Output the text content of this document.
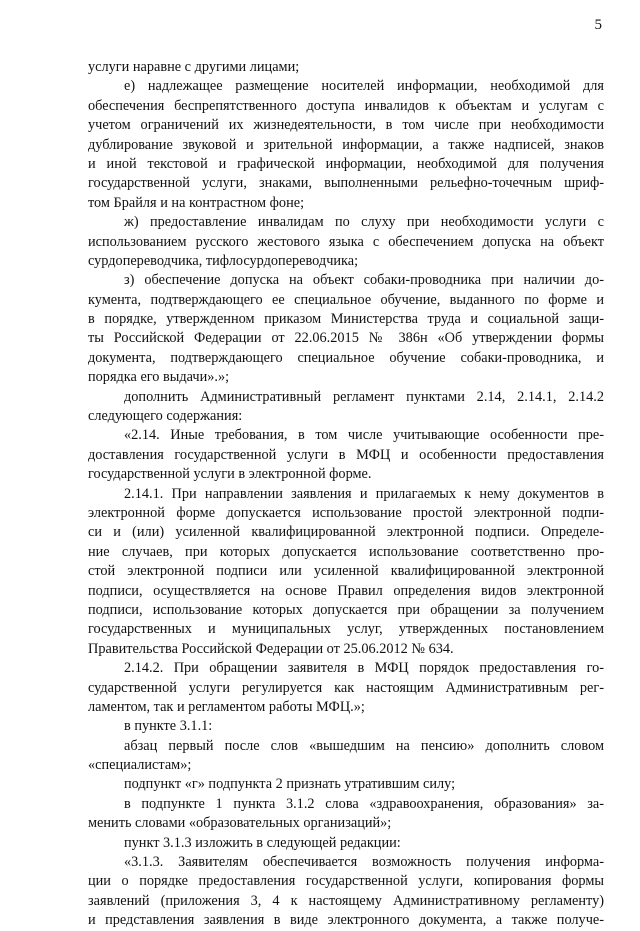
5
услуги наравне с другими лицами;
е) надлежащее размещение носителей информации, необходимой для
обеспечения беспрепятственного доступа инвалидов к объектам и услугам с
учетом ограничений их жизнедеятельности, в том числе при необходимости
дублирование звуковой и зрительной информации, а также надписей, знаков
и иной текстовой и графической информации, необходимой для получения
государственной услуги, знаками, выполненными рельефно-точечным шриф-
том Брайля и на контрастном фоне;
ж) предоставление инвалидам по слуху при необходимости услуги с
использованием русского жестового языка с обеспечением допуска на объект
сурдопереводчика, тифлосурдопереводчика;
з) обеспечение допуска на объект собаки-проводника при наличии до-
кумента, подтверждающего ее специальное обучение, выданного по форме и
в порядке, утвержденном приказом Министерства труда и социальной защи-
ты Российской Федерации от 22.06.2015 № 386н «Об утверждении формы
документа, подтверждающего специальное обучение собаки-проводника, и
порядка его выдачи».»;
дополнить Административный регламент пунктами 2.14, 2.14.1, 2.14.2
следующего содержания:
«2.14. Иные требования, в том числе учитывающие особенности пре-
доставления государственной услуги в МФЦ и особенности предоставления
государственной услуги в электронной форме.
2.14.1. При направлении заявления и прилагаемых к нему документов в
электронной форме допускается использование простой электронной подпи-
си и (или) усиленной квалифицированной электронной подписи. Определе-
ние случаев, при которых допускается использование соответственно про-
стой электронной подписи или усиленной квалифицированной электронной
подписи, осуществляется на основе Правил определения видов электронной
подписи, использование которых допускается при обращении за получением
государственных и муниципальных услуг, утвержденных постановлением
Правительства Российской Федерации от 25.06.2012 № 634.
2.14.2. При обращении заявителя в МФЦ порядок предоставления го-
сударственной услуги регулируется как настоящим Административным рег-
ламентом, так и регламентом работы МФЦ.»;
в пункте 3.1.1:
абзац первый после слов «вышедшим на пенсию» дополнить словом
«специалистам»;
подпункт «г» подпункта 2 признать утратившим силу;
в подпункте 1 пункта 3.1.2 слова «здравоохранения, образования» за-
менить словами «образовательных организаций»;
пункт 3.1.3 изложить в следующей редакции:
«3.1.3. Заявителям обеспечивается возможность получения информа-
ции о порядке предоставления государственной услуги, копирования формы
заявлений (приложения 3, 4 к настоящему Административному регламенту)
и представления заявления в виде электронного документа, а также получе-
